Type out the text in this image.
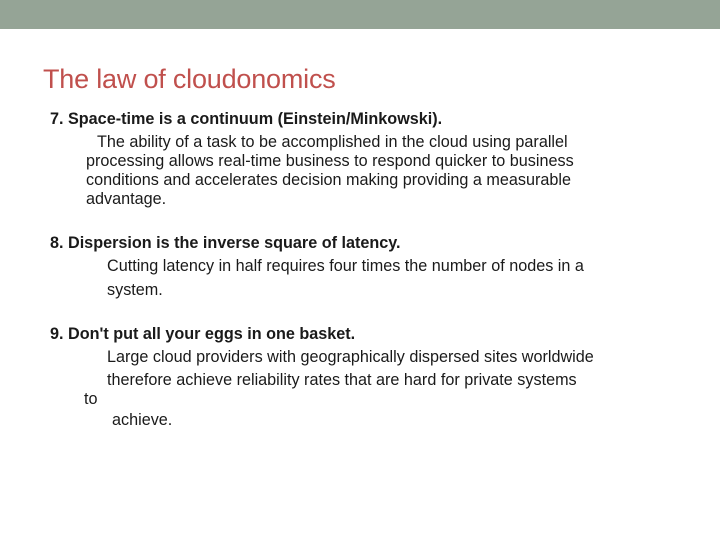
The law of cloudonomics
7. Space-time is a continuum (Einstein/Minkowski).
The ability of a task to be accomplished in the cloud using parallel
processing allows real-time business to respond quicker to business
conditions and accelerates decision making providing a measurable
advantage.
8. Dispersion is the inverse square of latency.
Cutting latency in half requires four times the number of nodes in a
system.
9. Don't put all your eggs in one basket.
Large cloud providers with geographically dispersed sites worldwide
therefore achieve reliability rates that are hard for private systems
to
achieve.
